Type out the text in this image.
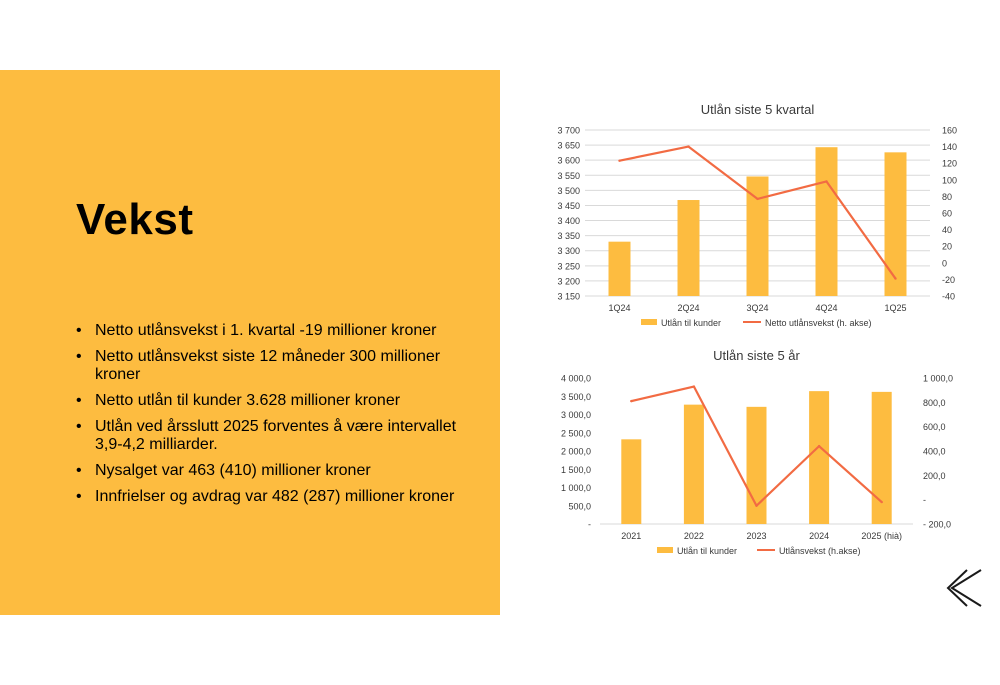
Vekst
• Netto utlånsvekst i 1. kvartal -19 millioner kroner
• Netto utlånsvekst siste 12 måneder 300 millioner kroner
• Netto utlån til kunder 3.628 millioner kroner
• Utlån ved årsslutt 2025 forventes å være intervallet 3,9-4,2 milliarder.
• Nysalget var 463 (410) millioner kroner
• Innfrielser og avdrag var 482 (287) millioner kroner
Utlån siste 5 kvartal
3 150
3 200
3 250
3 300
3 350
3 400
3 450
3 500
3 550
3 600
3 650
3 700
-40
-20
0
20
40
60
80
100
120
140
160
1Q24	2Q24	3Q24	4Q24	1Q25
Utlån til kunder	Netto utlånsvekst (h. akse)
Utlån siste 5 år
-
500,0
1 000,0
1 500,0
2 000,0
2 500,0
3 000,0
3 500,0
4 000,0
- 200,0
-
200,0
400,0
600,0
800,0
1 000,0
2021	2022	2023	2024	2025 (hià)
Utlån til kunder	Utlånsvekst (h.akse)
